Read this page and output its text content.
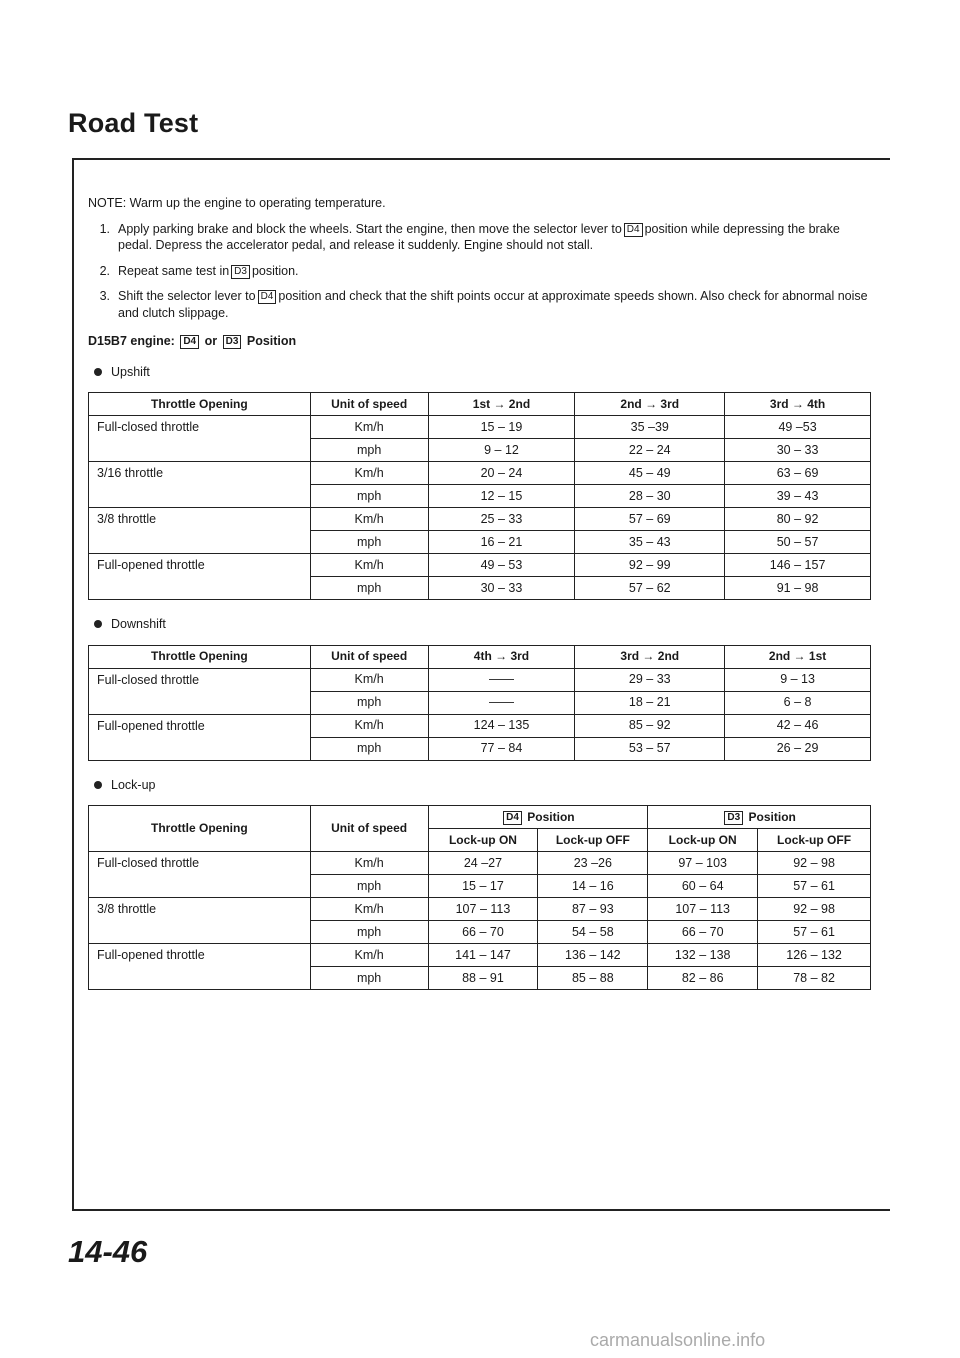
Road Test

NOTE: Warm up the engine to operating temperature.

1. Apply parking brake and block the wheels. Start the engine, then move the selector lever to D4 position while depressing the brake pedal. Depress the accelerator pedal, and release it suddenly. Engine should not stall.
2. Repeat same test in D3 position.
3. Shift the selector lever to D4 position and check that the shift points occur at approximate speeds shown. Also check for abnormal noise and clutch slippage.
D15B7 engine: D4 or D3 Position
Upshift
Throttle Opening	Unit of speed	1st → 2nd	2nd → 3rd	3rd → 4th
Full-closed throttle	Km/h	15 – 19	35 –39	49 –53
	mph	9 – 12	22 – 24	30 – 33
3/16 throttle	Km/h	20 – 24	45 – 49	63 – 69
	mph	12 – 15	28 – 30	39 – 43
3/8 throttle	Km/h	25 – 33	57 – 69	80 – 92
	mph	16 – 21	35 – 43	50 – 57
Full-opened throttle	Km/h	49 – 53	92 – 99	146 – 157
	mph	30 – 33	57 – 62	91 – 98
Downshift
Throttle Opening	Unit of speed	4th → 3rd	3rd → 2nd	2nd → 1st
Full-closed throttle	Km/h	——	29 – 33	9 – 13
	mph	——	18 – 21	6 – 8
Full-opened throttle	Km/h	124 – 135	85 – 92	42 – 46
	mph	77 – 84	53 – 57	26 – 29
Lock-up
Throttle Opening	Unit of speed	D4 Position		D3 Position	
		Lock-up ON	Lock-up OFF	Lock-up ON	Lock-up OFF
Full-closed throttle	Km/h	24 –27	23 –26	97 – 103	92 – 98
	mph	15 – 17	14 – 16	60 – 64	57 – 61
3/8 throttle	Km/h	107 – 113	87 – 93	107 – 113	92 – 98
	mph	66 – 70	54 – 58	66 – 70	57 – 61
Full-opened throttle	Km/h	141 – 147	136 – 142	132 – 138	126 – 132
	mph	88 – 91	85 – 88	82 – 86	78 – 82
14-46
carmanualsonline.info
